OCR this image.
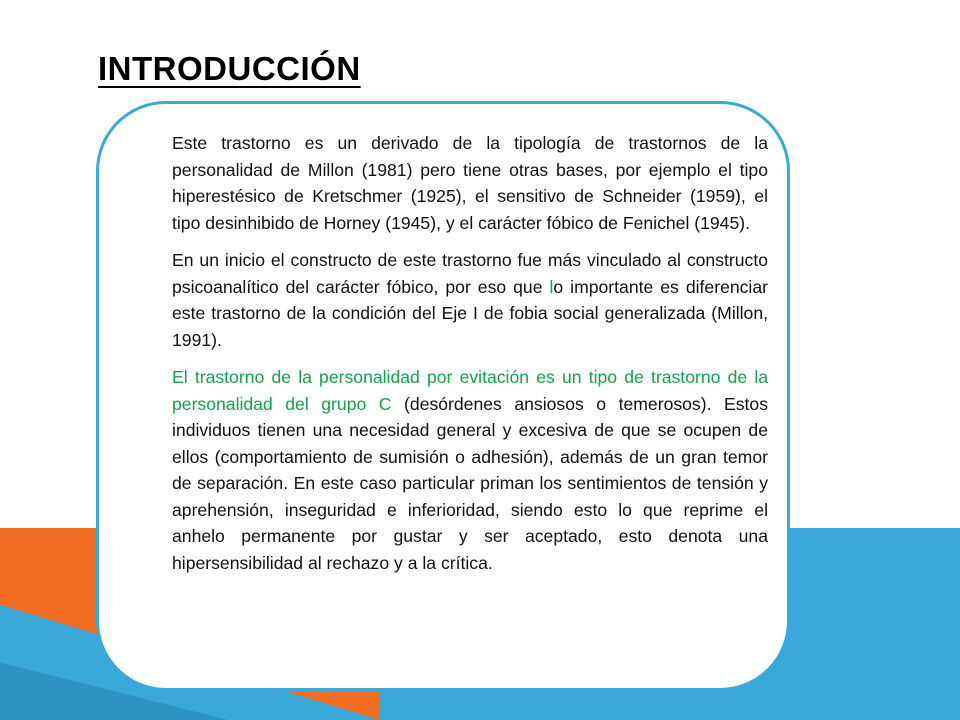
INTRODUCCIÓN

Este trastorno es un derivado de la tipología de trastornos de la personalidad de Millon (1981) pero tiene otras bases, por ejemplo el tipo hiperestésico de Kretschmer (1925), el sensitivo de Schneider (1959), el tipo desinhibido de Horney (1945), y el carácter fóbico de Fenichel (1945).

En un inicio el constructo de este trastorno fue más vinculado al constructo psicoanalítico del carácter fóbico, por eso que lo importante es diferenciar este trastorno de la condición del Eje I de fobia social generalizada (Millon, 1991).

El trastorno de la personalidad por evitación es un tipo de trastorno de la personalidad del grupo C (desórdenes ansiosos o temerosos). Estos individuos tienen una necesidad general y excesiva de que se ocupen de ellos (comportamiento de sumisión o adhesión), además de un gran temor de separación. En este caso particular priman los sentimientos de tensión y aprehensión, inseguridad e inferioridad, siendo esto lo que reprime el anhelo permanente por gustar y ser aceptado, esto denota una hipersensibilidad al rechazo y a la crítica.
